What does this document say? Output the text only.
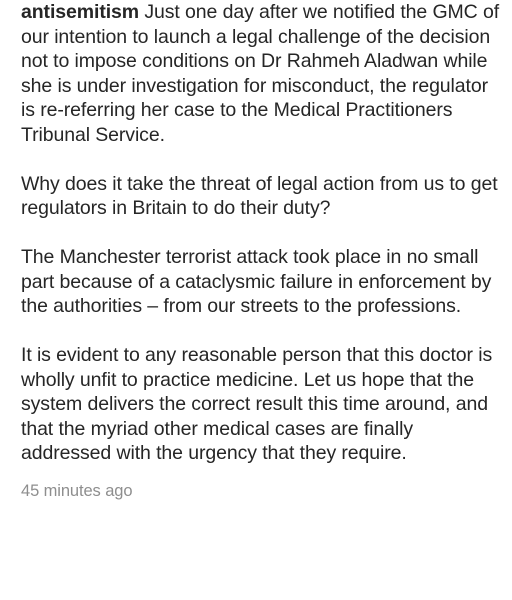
antisemitism Just one day after we notified the GMC of our intention to launch a legal challenge of the decision not to impose conditions on Dr Rahmeh Aladwan while she is under investigation for misconduct, the regulator is re-referring her case to the Medical Practitioners Tribunal Service.

Why does it take the threat of legal action from us to get regulators in Britain to do their duty?

The Manchester terrorist attack took place in no small part because of a cataclysmic failure in enforcement by the authorities – from our streets to the professions.

It is evident to any reasonable person that this doctor is wholly unfit to practice medicine. Let us hope that the system delivers the correct result this time around, and that the myriad other medical cases are finally addressed with the urgency that they require.

45 minutes ago
